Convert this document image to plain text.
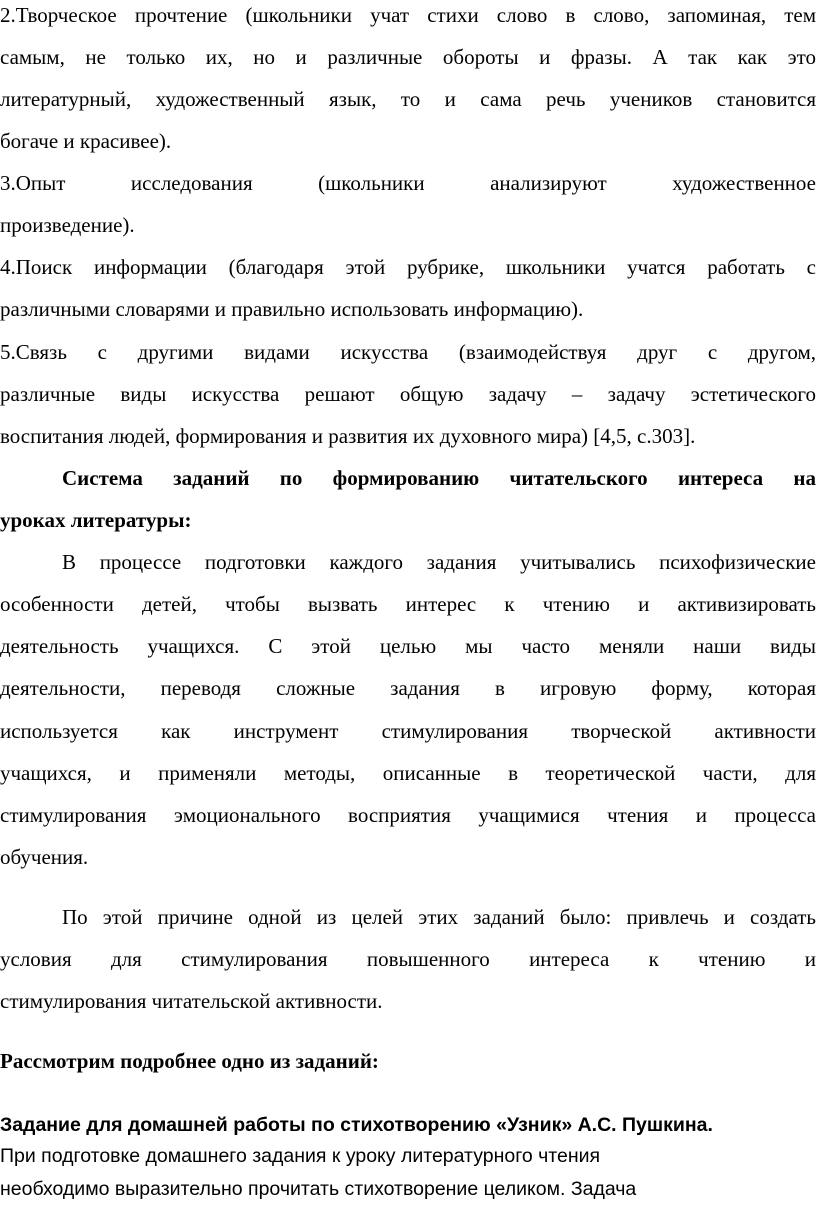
2.Творческое прочтение (школьники учат стихи слово в слово, запоминая, тем

самым, не только их, но и различные обороты и фразы. А так как это

литературный, художественный язык, то и сама речь учеников становится

богаче и красивее).

3.Опыт исследования (школьники анализируют художественное

произведение).

4.Поиск информации (благодаря этой рубрике, школьники учатся работать с

различными словарями и правильно использовать информацию).

5.Связь с другими видами искусства (взаимодействуя друг с другом,

различные виды искусства решают общую задачу – задачу эстетического

воспитания людей, формирования и развития их духовного мира) [4,5, с.303].

Система заданий по формированию читательского интереса на

уроках литературы:

В процессе подготовки каждого задания учитывались психофизические

особенности детей, чтобы вызвать интерес к чтению и активизировать

деятельность учащихся. С этой целью мы часто меняли наши виды

деятельности, переводя сложные задания в игровую форму, которая

используется как инструмент стимулирования творческой активности

учащихся, и применяли методы, описанные в теоретической части, для

стимулирования эмоционального восприятия учащимися чтения и процесса

обучения.

По этой причине одной из целей этих заданий было: привлечь и создать

условия для стимулирования повышенного интереса к чтению и

стимулирования читательской активности.

Рассмотрим подробнее одно из заданий:

Задание для домашней работы по стихотворению «Узник» А.С. Пушкина.

При подготовке домашнего задания к уроку литературного чтения

необходимо выразительно прочитать стихотворение целиком. Задача
